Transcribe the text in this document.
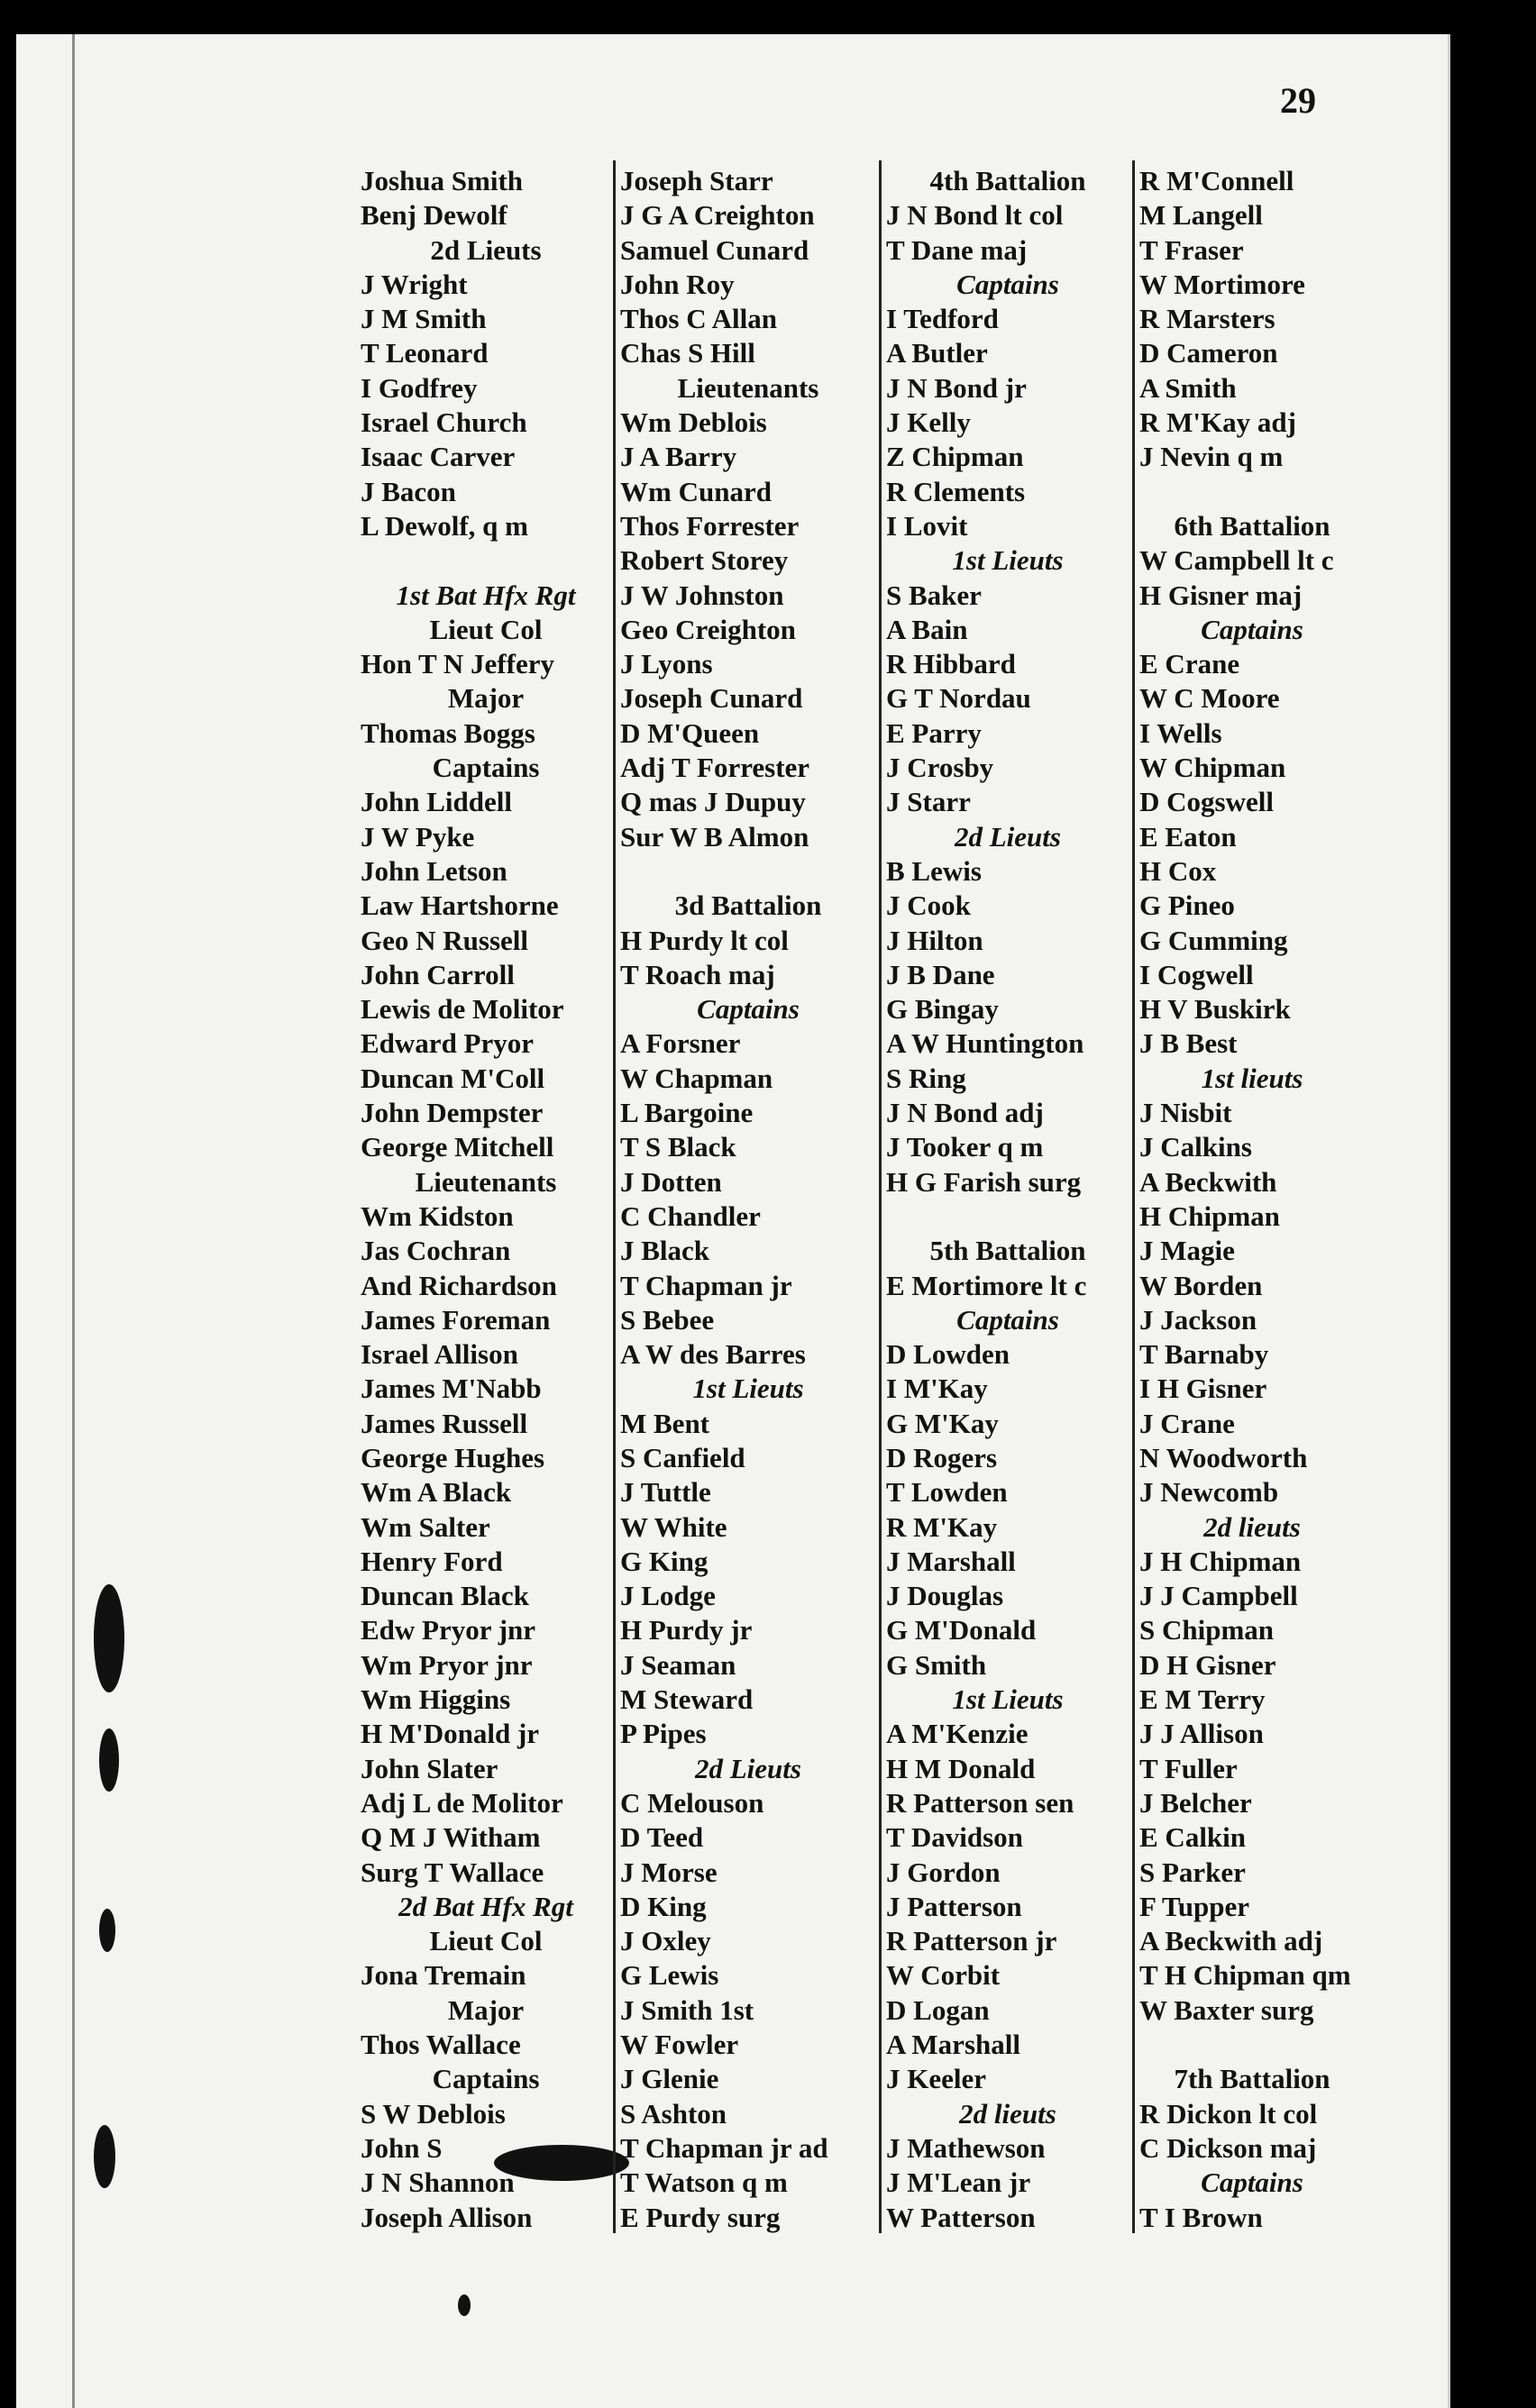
29
Joshua Smith
Benj Dewolf
2d Lieuts
J Wright
J M Smith
T Leonard
I Godfrey
Israel Church
Isaac Carver
J Bacon
L Dewolf, q m
1st Bat Hfx Rgt
Lieut Col
Hon T N Jeffery
Major
Thomas Boggs
Captains
John Liddell
J W Pyke
John Letson
Law Hartshorne
Geo N Russell
John Carroll
Lewis de Molitor
Edward Pryor
Duncan M'Coll
John Dempster
George Mitchell
Lieutenants
Wm Kidston
Jas Cochran
And Richardson
James Foreman
Israel Allison
James M'Nabb
James Russell
George Hughes
Wm A Black
Wm Salter
Henry Ford
Duncan Black
Edw Pryor jnr
Wm Pryor jnr
Wm Higgins
H M'Donald jr
John Slater
Adj L de Molitor
Q M J Witham
Surg T Wallace
2d Bat Hfx Rgt
Lieut Col
Jona Tremain
Major
Thos Wallace
Captains
S W Deblois
John S
J N Shannon
Joseph Allison
Joseph Starr
J G A Creighton
Samuel Cunard
John Roy
Thos C Allan
Chas S Hill
Lieutenants
Wm Deblois
J A Barry
Wm Cunard
Thos Forrester
Robert Storey
J W Johnston
Geo Creighton
J Lyons
Joseph Cunard
D M'Queen
Adj T Forrester
Q mas J Dupuy
Sur W B Almon
3d Battalion
H Purdy lt col
T Roach maj
Captains
A Forsner
W Chapman
L Bargoine
T S Black
J Dotten
C Chandler
J Black
T Chapman jr
S Bebee
A W des Barres
1st Lieuts
M Bent
S Canfield
J Tuttle
W White
G King
J Lodge
H Purdy jr
J Seaman
M Steward
P Pipes
2d Lieuts
C Melouson
D Teed
J Morse
D King
J Oxley
G Lewis
J Smith 1st
W Fowler
J Glenie
S Ashton
T Chapman jr ad
T Watson q m
E Purdy surg
4th Battalion
J N Bond lt col
T Dane maj
Captains
I Tedford
A Butler
J N Bond jr
J Kelly
Z Chipman
R Clements
I Lovit
1st Lieuts
S Baker
A Bain
R Hibbard
G T Nordau
E Parry
J Crosby
J Starr
2d Lieuts
B Lewis
J Cook
J Hilton
J B Dane
G Bingay
A W Huntington
S Ring
J N Bond adj
J Tooker q m
H G Farish surg
5th Battalion
E Mortimore lt c
Captains
D Lowden
I M'Kay
G M'Kay
D Rogers
T Lowden
R M'Kay
J Marshall
J Douglas
G M'Donald
G Smith
1st Lieuts
A M'Kenzie
H M Donald
R Patterson sen
T Davidson
J Gordon
J Patterson
R Patterson jr
W Corbit
D Logan
A Marshall
J Keeler
2d lieuts
J Mathewson
J M'Lean jr
W Patterson
R M'Connell
M Langell
T Fraser
W Mortimore
R Marsters
D Cameron
A Smith
R M'Kay adj
J Nevin q m
6th Battalion
W Campbell lt c
H Gisner maj
Captains
E Crane
W C Moore
I Wells
W Chipman
D Cogswell
E Eaton
H Cox
G Pineo
G Cumming
I Cogwell
H V Buskirk
J B Best
1st lieuts
J Nisbit
J Calkins
A Beckwith
H Chipman
J Magie
W Borden
J Jackson
T Barnaby
I H Gisner
J Crane
N Woodworth
J Newcomb
2d lieuts
J H Chipman
J J Campbell
S Chipman
D H Gisner
E M Terry
J J Allison
T Fuller
J Belcher
E Calkin
S Parker
F Tupper
A Beckwith adj
T H Chipman qm
W Baxter surg
7th Battalion
R Dickon lt col
C Dickson maj
Captains
T I Brown
